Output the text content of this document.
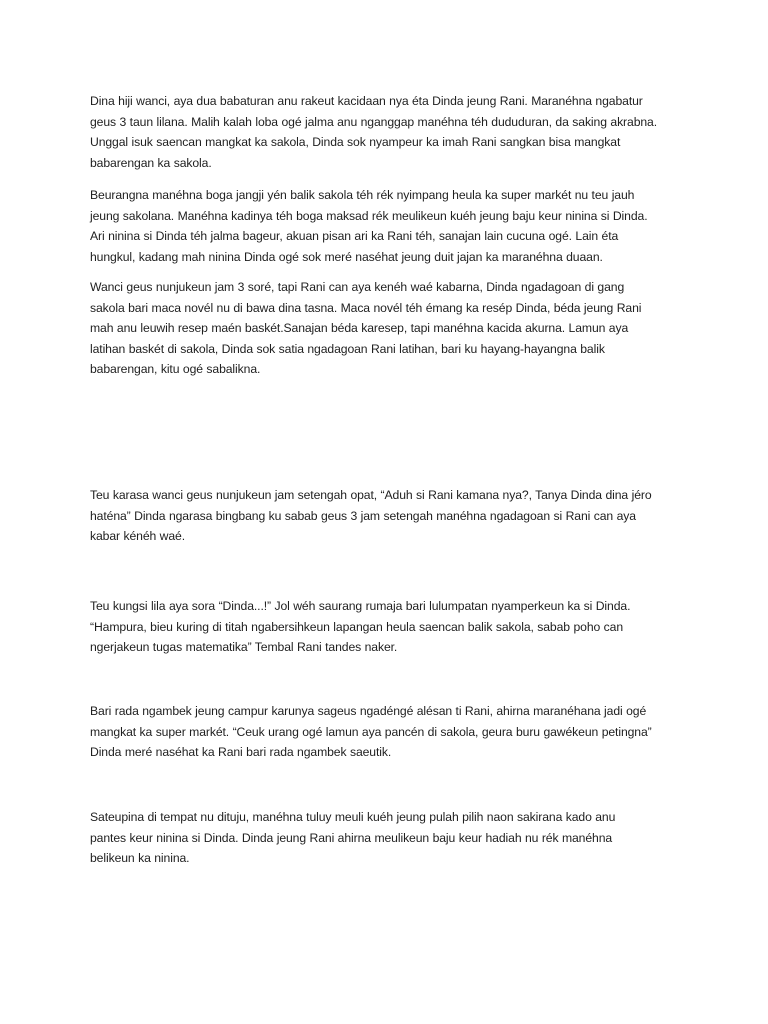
Dina hiji wanci, aya dua babaturan anu rakeut kacidaan nya éta Dinda jeung Rani. Maranéhna ngabatur
geus 3 taun lilana. Malih kalah loba ogé jalma anu nganggap manéhna téh dududuran, da saking akrabna.
Unggal isuk saencan mangkat ka sakola, Dinda sok nyampeur ka imah Rani sangkan bisa mangkat
babarengan ka sakola.

Beurangna manéhna boga jangji yén balik sakola téh rék nyimpang heula ka super markét nu teu jauh
jeung sakolana. Manéhna kadinya téh boga maksad rék meulikeun kuéh jeung baju keur ninina si Dinda.
Ari ninina si Dinda téh jalma bageur, akuan pisan ari ka Rani téh, sanajan lain cucuna ogé. Lain éta
hungkul, kadang mah ninina Dinda ogé sok meré naséhat jeung duit jajan ka maranéhna duaan.

Wanci geus nunjukeun jam 3 soré, tapi Rani can aya kenéh waé kabarna, Dinda ngadagoan di gang
sakola bari maca novél nu di bawa dina tasna. Maca novél téh émang ka resép Dinda, béda jeung Rani
mah anu leuwih resep maén baskét.Sanajan béda karesep, tapi manéhna kacida akurna. Lamun aya
latihan baskét di sakola, Dinda sok satia ngadagoan Rani latihan, bari ku hayang-hayangna balik
babarengan, kitu ogé sabalikna.

Teu karasa wanci geus nunjukeun jam setengah opat, “Aduh si Rani kamana nya?, Tanya Dinda dina jéro
haténa” Dinda ngarasa bingbang ku sabab geus 3 jam setengah manéhna ngadagoan si Rani can aya
kabar kénéh waé.

Teu kungsi lila aya sora “Dinda...!” Jol wéh saurang rumaja bari lulumpatan nyamperkeun ka si Dinda.
“Hampura, bieu kuring di titah ngabersihkeun lapangan heula saencan balik sakola, sabab poho can
ngerjakeun tugas matematika” Tembal Rani tandes naker.

Bari rada ngambek jeung campur karunya sageus ngadéngé alésan ti Rani, ahirna maranéhana jadi ogé
mangkat ka super markét. “Ceuk urang ogé lamun aya pancén di sakola, geura buru gawékeun petingna”
Dinda meré naséhat ka Rani bari rada ngambek saeutik.

Sateupina di tempat nu dituju, manéhna tuluy meuli kuéh jeung pulah pilih naon sakirana kado anu
pantes keur ninina si Dinda. Dinda jeung Rani ahirna meulikeun baju keur hadiah nu rék manéhna
belikeun ka ninina.
